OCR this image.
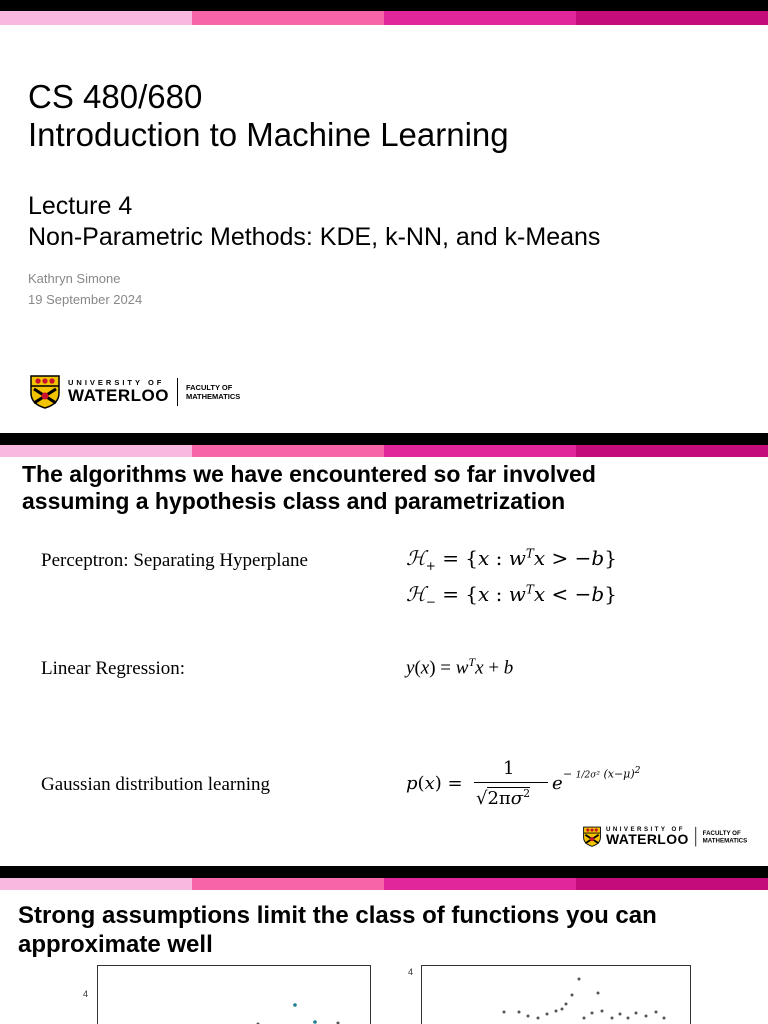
CS 480/680
Introduction to Machine Learning
Lecture 4
Non-Parametric Methods: KDE, k-NN, and k-Means
Kathryn Simone
19 September 2024
UNIVERSITY OF
WATERLOO FACULTY OF
MATHEMATICS
The algorithms we have encountered so far involved
assuming a hypothesis class and parametrization
Perceptron: Separating Hyperplane	ℋ$_+$ = {x : $w^Tx > -b$}
ℋ$_-$ = {x : $w^Tx < -b$}
Linear Regression:	$y(x) = w^Tx + b$
Gaussian distribution learning	p(x) =
1
$√2\pi\sigma^2$ e − 1/2σ² $(x-\mu)^2$
UNIVERSITY OF
WATERLOO FACULTY OF
MATHEMATICS
Strong assumptions limit the class of functions you can
approximate well
4
4
